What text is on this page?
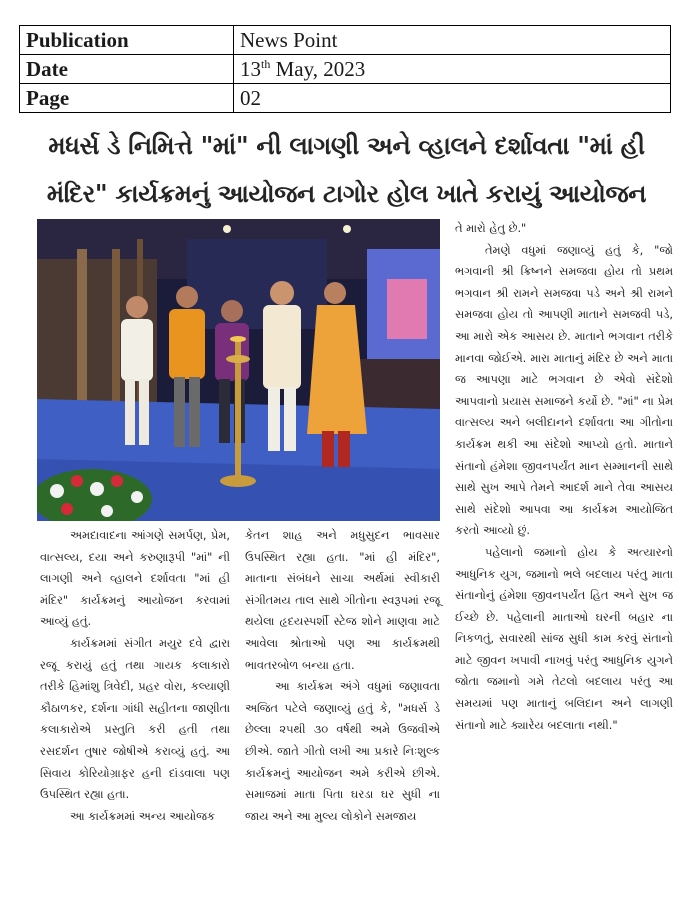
Publication	News Point
Date	13th May, 2023
Page	02
મધર્સ ડે નિમિત્તે "માં" ની લાગણી અને વ્હાલને દર્શાવતા "માં હી
મંદિર" કાર્યક્રમનું આયોજન ટાગોર હોલ ખાતે કરાયું આયોજન

અમદાવાદના આંગણે સમર્પણ, પ્રેમ, વાત્સલ્ય, દયા અને કરુણારૂપી "માં" ની લાગણી અને વ્હાલને દર્શાવતા "માં હી મંદિર" કાર્યક્રમનું આયોજન કરવામાં આવ્યું હતું.

કાર્યક્રમમાં સંગીત મયુર દવે દ્વારા રજૂ કરાયું હતું તથા ગાયક કલાકારો તરીકે હિમાંશુ ત્રિવેદી, પ્રહર વોરા, કલ્યાણી કૌઠાળકર, દર્શના ગાંધી સહીતના જાણીતા કલાકારોએ પ્રસ્તુતિ કરી હતી તથા રસદર્શન તુષાર જોષીએ કરાવ્યું હતું. આ સિવાય કોરિયોગ્રાફર હની દાંડવાલા પણ ઉપસ્થિત રહ્યા હતા.

આ કાર્યક્રમમાં અન્ય આયોજક

કેતન શાહ અને મધુસુદન ભાવસાર ઉપસ્થિત રહ્યા હતા. "માં હી મંદિર", માતાના સંબંધને સાચા અર્થમાં સ્વીકારી સંગીતમય તાલ સાથે ગીતોના સ્વરૂપમાં રજૂ થયેલા હૃદયસ્પર્શી સ્ટેજ શોને માણવા માટે આવેલા શ્રોતાઓ પણ આ કાર્યક્રમથી ભાવતરબોળ બન્યા હતા.

આ કાર્યક્રમ અંગે વધુમાં જણાવતા અજિત પટેલે જણાવ્યું હતું કે, "મધર્સ ડે છેલ્લા ૨૫થી ૩૦ વર્ષથી અમે ઉજવીએ છીએ. જાતે ગીતો લખી આ પ્રકારે નિઃશુલ્ક કાર્યક્રમનું આયોજન અમે કરીએ છીએ. સમાજમાં માતા પિતા ઘરડા ઘર સુધી ના જાય અને આ મુલ્ય લોકોને સમજાય

તે મારો હેતુ છે."

તેમણે વધુમાં જણાવ્યું હતું કે, "જો ભગવાની શ્રી ક્રિષ્નને સમજવા હોય તો પ્રથમ ભગવાન શ્રી રામને સમજવા પડે અને શ્રી રામને સમજવા હોય તો આપણી માતાને સમજવી પડે, આ મારો એક આસય છે. માતાને ભગવાન તરીકે માનવા જોઈએ. મારા માતાનું મંદિર છે અને માતા જ આપણા માટે ભગવાન છે એવો સંદેશો આપવાનો પ્રયાસ સમાજને કર્યો છે. "માં" ના પ્રેમ વાત્સલ્ય અને બલીદાનને દર્શાવતા આ ગીતોના કાર્યક્રમ થકી આ સંદેશો આપ્યો હતો. માતાને સંતાનો હંમેશા જીવનપર્યંત માન સમ્માનની સાથે સાથે સુખ આપે તેમને આદર્શ માને તેવા આસય સાથે સંદેશો આપવા આ કાર્યક્રમ આયોજિત કરતો આવ્યો છું.

પહેલાનો જમાનો હોય કે અત્યારનો આધુનિક યુગ, જમાનો ભલે બદલાય પરંતુ માતા સંતાનોનું હંમેશા જીવનપર્યંત હિત અને સુખ જ ઈચ્છે છે. પહેલાની માતાઓ ઘરની બહાર ના નિકળતું, સવારથી સાંજ સુધી કામ કરવું સંતાનો માટે જીવન ખપાવી નાખવું પરંતુ આધુનિક યુગને જોતા જમાનો ગમે તેટલો બદલાય પરંતુ આ સમયમાં પણ માતાનું બલિદાન અને લાગણી સંતાનો માટે ક્યારેય બદલાતા નથી."
